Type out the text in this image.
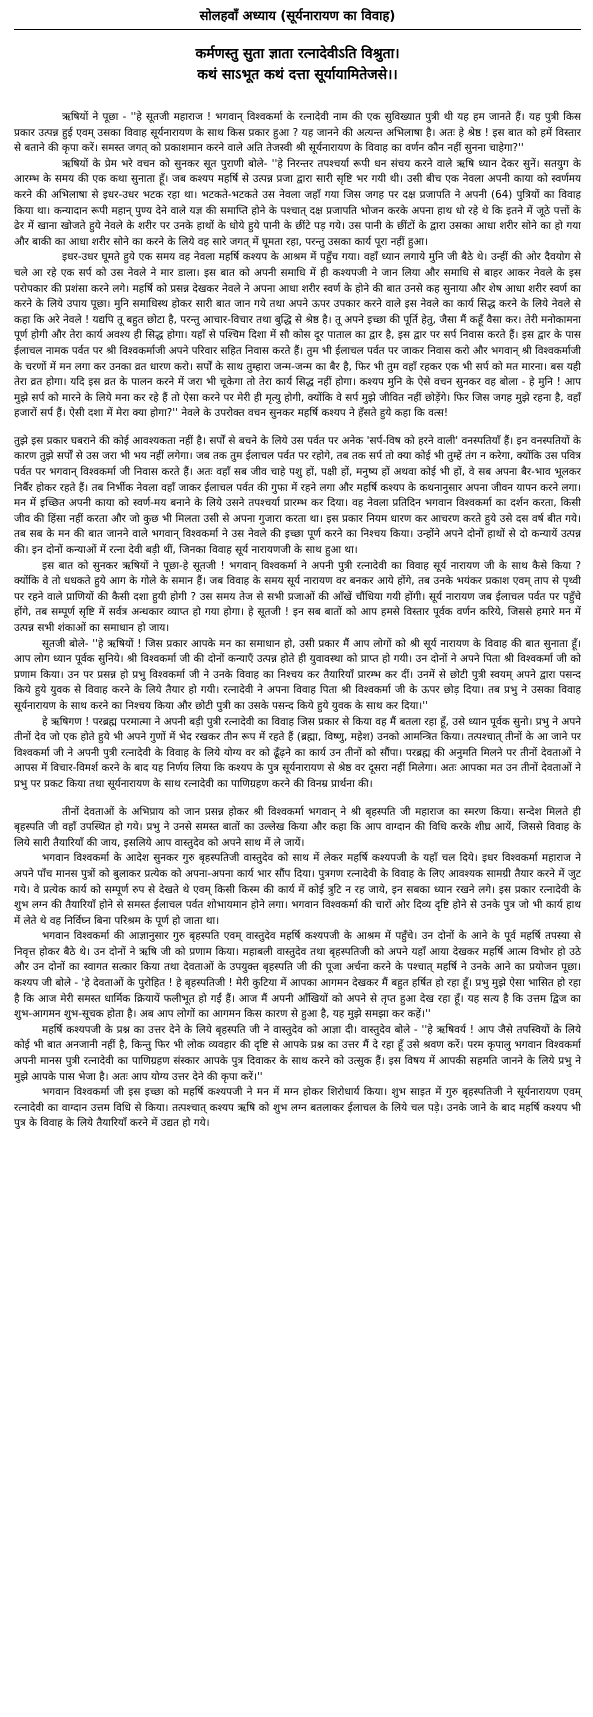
सोलहवाँ अध्याय (सूर्यनारायण का विवाह)
कर्मणस्तु सुता ज्ञाता रत्नादेवीऽति विश्रुता।
कथं साऽभूत कथं दत्ता सूर्यायामितेजसे।।

ऋषियों ने पूछा - ''हे सूतजी महाराज ! भगवान् विश्वकर्मा के रत्नादेवी नाम की एक सुविख्यात पुत्री थी यह हम जानते हैं। यह पुत्री किस प्रकार उत्पन्न हुई एवम् उसका विवाह सूर्यनारायण के साथ किस प्रकार हुआ ? यह जानने की अत्यन्त अभिलाषा है। अतः हे श्रेष्ठ ! इस बात को हमें विस्तार से बताने की कृपा करें। समस्त जगत् को प्रकाशमान करने वाले अति तेजस्वी श्री सूर्यनारायण के विवाह का वर्णन कौन नहीं सुनना चाहेगा?''

ऋषियों के प्रेम भरे वचन को सुनकर सूत पुराणी बोले- ''हे निरन्तर तपश्चर्या रूपी धन संचय करने वाले ऋषि ध्यान देकर सुनें। सतयुग के आरम्भ के समय की एक कथा सुनाता हूँ। जब कश्यप महर्षि से उत्पन्न प्रजा द्वारा सारी सृष्टि भर गयी थी। उसी बीच एक नेवला अपनी काया को स्वर्णमय करने की अभिलाषा से इधर-उधर भटक रहा था। भटकते-भटकते उस नेवला जहाँ गया जिस जगह पर दक्ष प्रजापति ने अपनी (64) पुत्रियों का विवाह किया था। कन्यादान रूपी महान् पुण्य देने वाले यज्ञ की समाप्ति होने के पश्चात् दक्ष प्रजापति भोजन करके अपना हाथ धो रहे थे कि इतने में जूठे पत्तों के ढेर में खाना खोजते हुये नेवले के शरीर पर उनके हाथों के धोये हुये पानी के छींटे पड़ गये। उस पानी के छींटों के द्वारा उसका आधा शरीर सोने का हो गया और बाकी का आधा शरीर सोने का करने के लिये वह सारे जगत् में घूमता रहा, परन्तु उसका कार्य पूरा नहीं हुआ।

इधर-उधर घूमते हुये एक समय वह नेवला महर्षि कश्यप के आश्रम में पहुँच गया। वहाँ ध्यान लगाये मुनि जी बैठे थे। उन्हीं की ओर दैवयोग से चले आ रहे एक सर्प को उस नेवले ने मार डाला। इस बात को अपनी समाधि में ही कश्यपजी ने जान लिया और समाधि से बाहर आकर नेवले के इस परोपकार की प्रशंसा करने लगे। महर्षि को प्रसन्न देखकर नेवले ने अपना आधा शरीर स्वर्ण के होने की बात उनसे कह सुनाया और शेष आधा शरीर स्वर्ण का करने के लिये उपाय पूछा। मुनि समाधिस्थ होकर सारी बात जान गये तथा अपने ऊपर उपकार करने वाले इस नेवले का कार्य सिद्ध करने के लिये नेवले से कहा कि अरे नेवले ! यद्यपि तू बहुत छोटा है, परन्तु आचार-विचार तथा बुद्धि से श्रेष्ठ है। तू अपने इच्छा की पूर्ति हेतु, जैसा मैं कहूँ वैसा कर। तेरी मनोकामना पूर्ण होगी और तेरा कार्य अवश्य ही सिद्ध होगा। यहाँ से पश्चिम दिशा में सौ कोस दूर पाताल का द्वार है, इस द्वार पर सर्प निवास करते हैं। इस द्वार के पास ईलाचल नामक पर्वत पर श्री विश्वकर्माजी अपने परिवार सहित निवास करते हैं। तुम भी ईलाचल पर्वत पर जाकर निवास करो और भगवान् श्री विश्वकर्माजी के चरणों में मन लगा कर उनका व्रत धारण करो। सर्पों के साथ तुम्हारा जन्म-जन्म का बैर है, फिर भी तुम वहाँ रहकर एक भी सर्प को मत मारना। बस यही तेरा व्रत होगा। यदि इस व्रत के पालन करने में जरा भी चूकेगा तो तेरा कार्य सिद्ध नहीं होगा। कश्यप मुनि के ऐसे वचन सुनकर वह बोला - हे मुनि ! आप मुझे सर्प को मारने के लिये मना कर रहे हैं तो ऐसा करने पर मेरी ही मृत्यु होगी, क्योंकि वे सर्प मुझे जीवित नहीं छोड़ेंगे। फिर जिस जगह मुझे रहना है, वहाँ हजारों सर्प हैं। ऐसी दशा में मेरा क्या होगा?'' नेवले के उपरोक्त वचन सुनकर महर्षि कश्यप ने हँसते हुये कहा कि वत्स!

तुझे इस प्रकार घबराने की कोई आवश्यकता नहीं है। सर्पों से बचने के लिये उस पर्वत पर अनेक 'सर्प-विष को हरने वाली' वनस्पतियाँ हैं। इन वनस्पतियों के कारण तुझे सर्पों से उस जरा भी भय नहीं लगेगा। जब तक तुम ईलाचल पर्वत पर रहोगे, तब तक सर्प तो क्या कोई भी तुम्हें तंग न करेगा, क्योंकि उस पवित्र पर्वत पर भगवान् विश्वकर्मा जी निवास करते हैं। अतः वहाँ सब जीव चाहे पशु हों, पक्षी हों, मनुष्य हों अथवा कोई भी हों, वे सब अपना बैर-भाव भूलकर निर्बैर होकर रहते हैं। तब निर्भीक नेवला वहाँ जाकर ईलाचल पर्वत की गुफा में रहने लगा और महर्षि कश्यप के कथनानुसार अपना जीवन यापन करने लगा। मन में इच्छित अपनी काया को स्वर्ण-मय बनाने के लिये उसने तपश्चर्या प्रारम्भ कर दिया। वह नेवला प्रतिदिन भगवान विश्वकर्मा का दर्शन करता, किसी जीव की हिंसा नहीं करता और जो कुछ भी मिलता उसी से अपना गुजारा करता था। इस प्रकार नियम धारण कर आचरण करते हुये उसे दस वर्ष बीत गये। तब सब के मन की बात जानने वाले भगवान् विश्वकर्मा ने उस नेवले की इच्छा पूर्ण करने का निश्चय किया। उन्होंने अपने दोनों हाथों से दो कन्यायें उत्पन्न की। इन दोनों कन्याओं में रत्ना देवी बड़ी थीं, जिनका विवाह सूर्य नारायणजी के साथ हुआ था।

इस बात को सुनकर ऋषियों ने पूछा-हे सूतजी ! भगवान् विश्वकर्मा ने अपनी पुत्री रत्नादेवी का विवाह सूर्य नारायण जी के साथ कैसे किया ? क्योंकि वे तो धधकते हुये आग के गोले के समान हैं। जब विवाह के समय सूर्य नारायण वर बनकर आये होंगे, तब उनके भयंकर प्रकाश एवम् ताप से पृथ्वी पर रहने वाले प्राणियों की कैसी दशा हुयी होगी ? उस समय तेज से सभी प्रजाओं की आँखें चौंधिया गयी होंगी। सूर्य नारायण जब ईलाचल पर्वत पर पहुँचे होंगे, तब सम्पूर्ण सृष्टि में सर्वत्र अन्धकार व्याप्त हो गया होगा। हे सूतजी ! इन सब बातों को आप हमसे विस्तार पूर्वक वर्णन करिये, जिससे हमारे मन में उत्पन्न सभी शंकाओं का समाधान हो जाय।

सूतजी बोले- ''हे ऋषियों ! जिस प्रकार आपके मन का समाधान हो, उसी प्रकार मैं आप लोगों को श्री सूर्य नारायण के विवाह की बात सुनाता हूँ। आप लोग ध्यान पूर्वक सुनिये। श्री विश्वकर्मा जी की दोनों कन्याएँ उत्पन्न होते ही युवावस्था को प्राप्त हो गयी। उन दोनों ने अपने पिता श्री विश्वकर्मा जी को प्रणाम किया। उन पर प्रसन्न हो प्रभु विश्वकर्मा जी ने उनके विवाह का निश्चय कर तैयारियाँ प्रारम्भ कर दीं। उनमें से छोटी पुत्री स्वयम् अपने द्वारा पसन्द किये हुये युवक से विवाह करने के लिये तैयार हो गयी। रत्नादेवी ने अपना विवाह पिता श्री विश्वकर्मा जी के ऊपर छोड़ दिया। तब प्रभु ने उसका विवाह सूर्यनारायण के साथ करने का निश्चय किया और छोटी पुत्री का उसके पसन्द किये हुये युवक के साथ कर दिया।''

हे ऋषिगण ! परब्रह्म परमात्मा ने अपनी बड़ी पुत्री रत्नादेवी का विवाह जिस प्रकार से किया वह मैं बतला रहा हूँ, उसे ध्यान पूर्वक सुनो। प्रभु ने अपने तीनों देव जो एक होते हुये भी अपने गुणों में भेद रखकर तीन रूप में रहते हैं (ब्रह्मा, विष्णु, महेश) उनको आमन्त्रित किया। तत्पश्चात् तीनों के आ जाने पर विश्वकर्मा जी ने अपनी पुत्री रत्नादेवी के विवाह के लिये योग्य वर को ढूँढ़ने का कार्य उन तीनों को सौंपा। परब्रह्म की अनुमति मिलने पर तीनों देवताओं ने आपस में विचार-विमर्श करने के बाद यह निर्णय लिया कि कश्यप के पुत्र सूर्यनारायण से श्रेष्ठ वर दूसरा नहीं मिलेगा। अतः आपका मत उन तीनों देवताओं ने प्रभु पर प्रकट किया तथा सूर्यनारायण के साथ रत्नादेवी का पाणिग्रहण करने की विनम्र प्रार्थना की।

तीनों देवताओं के अभिप्राय को जान प्रसन्न होकर श्री विश्वकर्मा भगवान् ने श्री बृहस्पति जी महाराज का स्मरण किया। सन्देश मिलते ही बृहस्पति जी वहाँ उपस्थित हो गये। प्रभु ने उनसे समस्त बातों का उल्लेख किया और कहा कि आप वाग्दान की विधि करके शीघ्र आयें, जिससे विवाह के लिये सारी तैयारियाँ की जाय, इसलिये आप वास्तुदेव को अपने साथ में ले जायें।

भगवान विश्वकर्मा के आदेश सुनकर गुरु बृहस्पतिजी वास्तुदेव को साथ में लेकर महर्षि कश्यपजी के यहाँ चल दिये। इधर विश्वकर्मा महाराज ने अपने पाँच मानस पुत्रों को बुलाकर प्रत्येक को अपना-अपना कार्य भार सौंप दिया। पुत्रगण रत्नादेवी के विवाह के लिए आवश्यक सामग्री तैयार करने में जुट गये। वे प्रत्येक कार्य को सम्पूर्ण रुप से देखते थे एवम् किसी किस्म की कार्य में कोई त्रुटि न रह जाये, इन सबका ध्यान रखने लगे। इस प्रकार रत्नादेवी के शुभ लग्न की तैयारियाँ होने से समस्त ईलाचल पर्वत शोभायमान होने लगा। भगवान विश्वकर्मा की चारों ओर दिव्य दृष्टि होने से उनके पुत्र जो भी कार्य हाथ में लेते थे वह निर्विघ्न बिना परिश्रम के पूर्ण हो जाता था।

भगवान विश्वकर्मा की आज्ञानुसार गुरु बृहस्पति एवम् वास्तुदेव महर्षि कश्यपजी के आश्रम में पहुँचे। उन दोनों के आने के पूर्व महर्षि तपस्या से निवृत्त होकर बैठे थे। उन दोनों ने ऋषि जी को प्रणाम किया। महाबली वास्तुदेव तथा बृहस्पतिजी को अपने यहाँ आया देखकर महर्षि आत्म विभोर हो उठे और उन दोनों का स्वागत सत्कार किया तथा देवताओं के उपयुक्त बृहस्पति जी की पूजा अर्चना करने के पश्चात् महर्षि ने उनके आने का प्रयोजन पूछा। कश्यप जी बोले - 'हे देवताओं के पुरोहित ! हे बृहस्पतिजी ! मेरी कुटिया में आपका आगमन देखकर मैं बहुत हर्षित हो रहा हूँ। प्रभु मुझे ऐसा भासित हो रहा है कि आज मेरी समस्त धार्मिक क्रियायें फलीभूत हो गईं हैं। आज मैं अपनी आँखियों को अपने से तृप्त हुआ देख रहा हूँ। यह सत्य है कि उत्तम द्विज का शुभ-आगमन शुभ-सूचक होता है। अब आप लोगों का आगमन किस कारण से हुआ है, यह मुझे समझा कर कहें।''

महर्षि कश्यपजी के प्रश्न का उत्तर देने के लिये बृहस्पति जी ने वास्तुदेव को आज्ञा दी। वास्तुदेव बोले - ''हे ऋषिवर्य ! आप जैसे तपस्वियों के लिये कोई भी बात अनजानी नहीं है, किन्तु फिर भी लोक व्यवहार की दृष्टि से आपके प्रश्न का उत्तर मैं दे रहा हूँ उसे श्रवण करें। परम कृपालु भगवान विश्वकर्मा अपनी मानस पुत्री रत्नादेवी का पाणिग्रहण संस्कार आपके पुत्र दिवाकर के साथ करने को उत्सुक हैं। इस विषय में आपकी सहमति जानने के लिये प्रभु ने मुझे आपके पास भेजा है। अतः आप योग्य उत्तर देने की कृपा करें।''

भगवान विश्वकर्मा जी इस इच्छा को महर्षि कश्यपजी ने मन में मग्न होकर शिरोधार्य किया। शुभ साइत में गुरु बृहस्पतिजी ने सूर्यनारायण एवम् रत्नादेवी का वाग्दान उत्तम विधि से किया। तत्पश्चात् कश्यप ऋषि को शुभ लग्न बतलाकर ईलाचल के लिये चल पड़े। उनके जाने के बाद महर्षि कश्यप भी पुत्र के विवाह के लिये तैयारियाँ करने में उद्यत हो गये।
